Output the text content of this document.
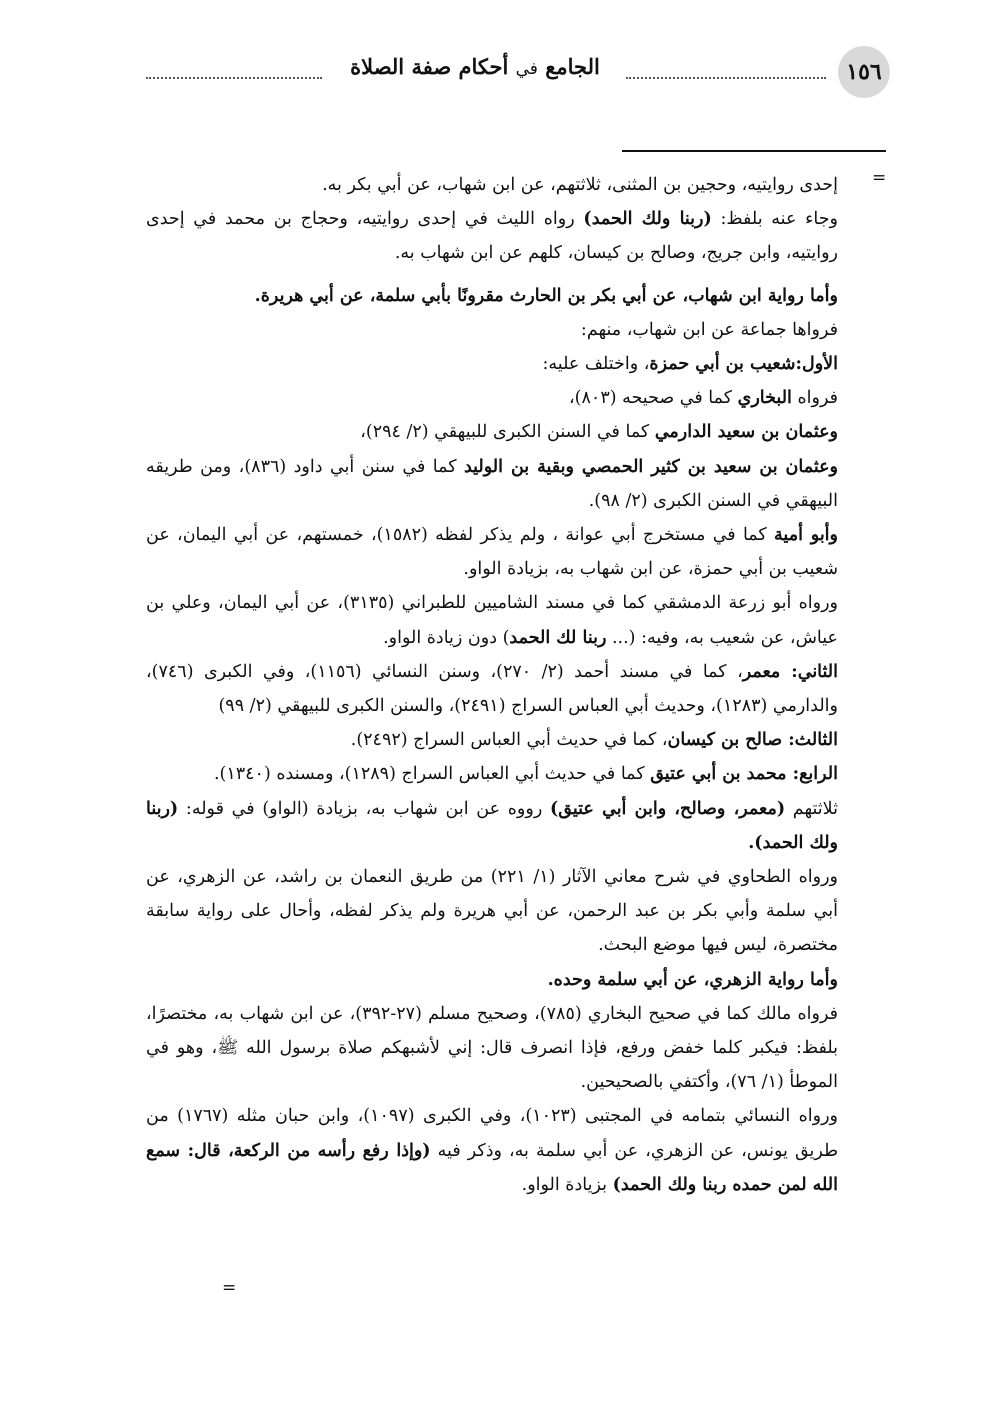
١٥٦
الجامع في أحكام صفة الصلاة
=
=

إحدى روايتيه، وحجين بن المثنى، ثلاثتهم، عن ابن شهاب، عن أبي بكر به.

وجاء عنه بلفظ: (ربنا ولك الحمد) رواه الليث في إحدى روايتيه، وحجاج بن محمد في إحدى روايتيه، وابن جريج، وصالح بن كيسان، كلهم عن ابن شهاب به.

وأما رواية ابن شهاب، عن أبي بكر بن الحارث مقرونًا بأبي سلمة، عن أبي هريرة.

فرواها جماعة عن ابن شهاب، منهم:

الأول:شعيب بن أبي حمزة، واختلف عليه:

فرواه البخاري كما في صحيحه (٨٠٣)،

وعثمان بن سعيد الدارمي كما في السنن الكبرى للبيهقي (٢/ ٢٩٤)،

وعثمان بن سعيد بن كثير الحمصي وبقية بن الوليد كما في سنن أبي داود (٨٣٦)، ومن طريقه البيهقي في السنن الكبرى (٢/ ٩٨).

وأبو أمية كما في مستخرج أبي عوانة ، ولم يذكر لفظه (١٥٨٢)، خمستهم، عن أبي اليمان، عن شعيب بن أبي حمزة، عن ابن شهاب به، بزيادة الواو.

ورواه أبو زرعة الدمشقي كما في مسند الشاميين للطبراني (٣١٣٥)، عن أبي اليمان، وعلي بن عياش، عن شعيب به، وفيه: (... ربنا لك الحمد) دون زيادة الواو.

الثاني: معمر، كما في مسند أحمد (٢/ ٢٧٠)، وسنن النسائي (١١٥٦)، وفي الكبرى (٧٤٦)، والدارمي (١٢٨٣)، وحديث أبي العباس السراج (٢٤٩١)، والسنن الكبرى للبيهقي (٢/ ٩٩)

الثالث: صالح بن كيسان، كما في حديث أبي العباس السراج (٢٤٩٢).

الرابع: محمد بن أبي عتيق كما في حديث أبي العباس السراج (١٢٨٩)، ومسنده (١٣٤٠).

ثلاثتهم (معمر، وصالح، وابن أبي عتيق) رووه عن ابن شهاب به، بزيادة (الواو) في قوله: (ربنا ولك الحمد).

ورواه الطحاوي في شرح معاني الآثار (١/ ٢٢١) من طريق النعمان بن راشد، عن الزهري، عن أبي سلمة وأبي بكر بن عبد الرحمن، عن أبي هريرة ولم يذكر لفظه، وأحال على رواية سابقة مختصرة، ليس فيها موضع البحث.

وأما رواية الزهري، عن أبي سلمة وحده.

فرواه مالك كما في صحيح البخاري (٧٨٥)، وصحيح مسلم (٢٧-٣٩٢)، عن ابن شهاب به، مختصرًا، بلفظ: فيكبر كلما خفض ورفع، فإذا انصرف قال: إني لأشبهكم صلاة برسول الله ﷺ، وهو في الموطأ (١/ ٧٦)، وأكتفي بالصحيحين.

ورواه النسائي بتمامه في المجتبى (١٠٢٣)، وفي الكبرى (١٠٩٧)، وابن حبان مثله (١٧٦٧) من طريق يونس، عن الزهري، عن أبي سلمة به، وذكر فيه (وإذا رفع رأسه من الركعة، قال: سمع الله لمن حمده ربنا ولك الحمد) بزيادة الواو.
